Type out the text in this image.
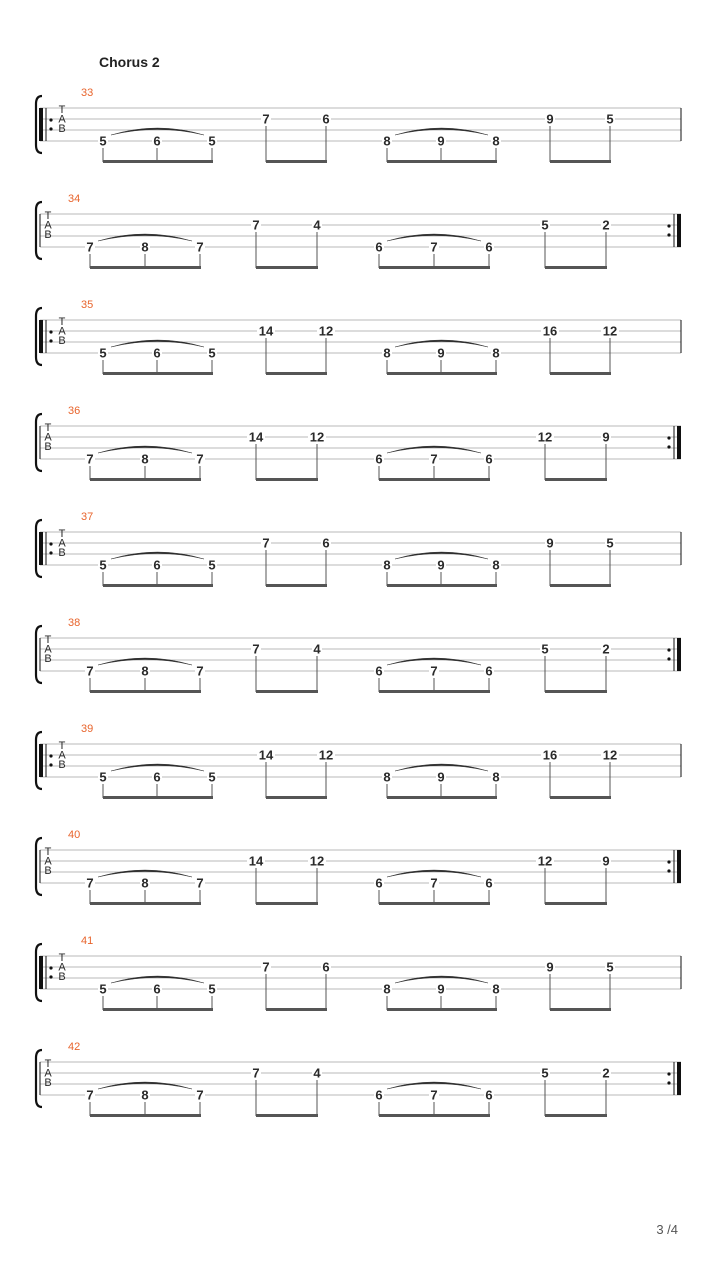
Chorus 2
T
A
B
33
5	6	5
7	6
8	9	8
9	5
T
A
B
34
7	8	7
7	4
6	7	6
5	2
T
A
B
35
5	6	5
14	12
8	9	8
16	12
T
A
B
36
7	8	7
14	12
6	7	6
12	9
T
A
B
37
5	6	5
7	6
8	9	8
9	5
T
A
B
38
7	8	7
7	4
6	7	6
5	2
T
A
B
39
5	6	5
14	12
8	9	8
16	12
T
A
B
40
7	8	7
14	12
6	7	6
12	9
T
A
B
41
5	6	5
7	6
8	9	8
9	5
T
A
B
42
7	8	7
7	4
6	7	6
5	2
3 /4
